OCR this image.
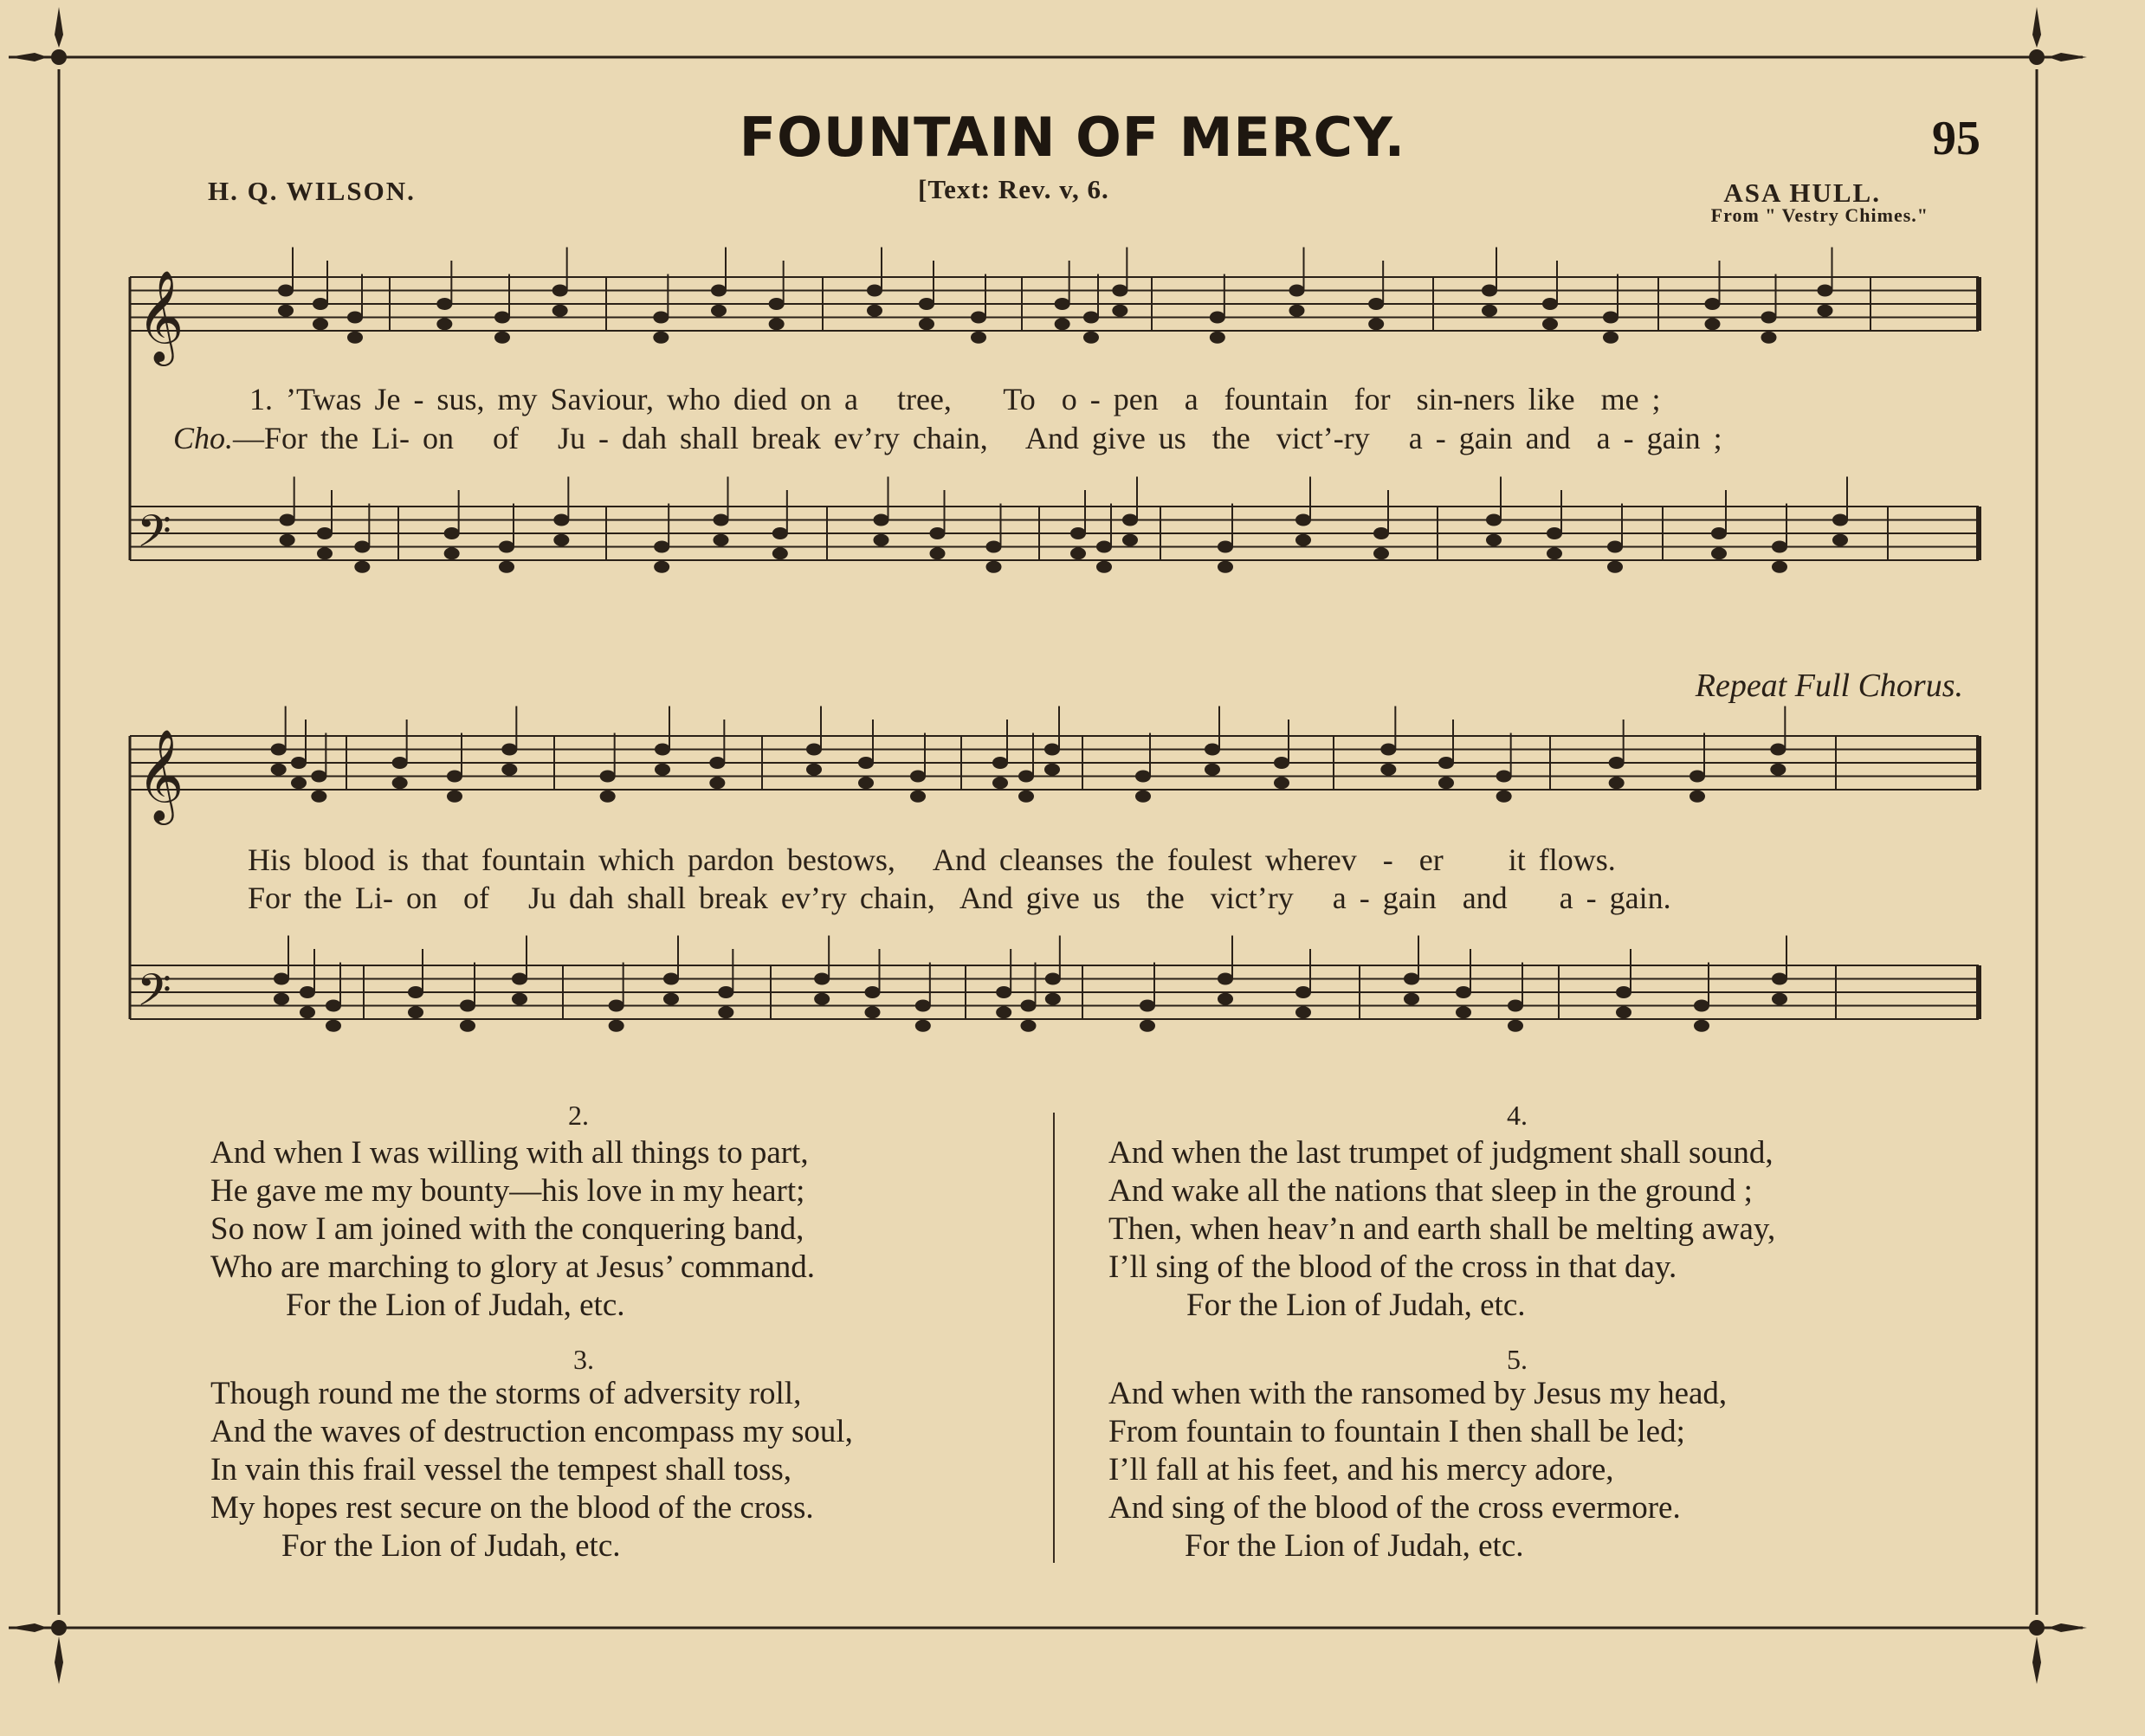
FOUNTAIN OF MERCY.	95
H. Q. WILSON.	[Text: Rev. v, 6.	ASA HULL.
From " Vestry Chimes."
𝄞
𝄢
𝄞
𝄢
1. ’Twas Je - sus, my Saviour, who died on a   tree,    To  o - pen  a  fountain  for  sin-ners like  me ;
Cho.—For the Li- on   of   Ju - dah shall break ev’ry chain,   And give us  the  vict’-ry   a - gain and  a - gain ;
Repeat Full Chorus.
His blood is that fountain which pardon bestows,   And cleanses the foulest wherev  -  er     it flows.
For the Li- on  of   Ju dah shall break ev’ry chain,  And give us  the  vict’ry   a - gain  and    a - gain.
2.
And when I was willing with all things to part,
He gave me my bounty—his love in my heart;
So now I am joined with the conquering band,
Who are marching to glory at Jesus’ command.
For the Lion of Judah, etc.
3.
Though round me the storms of adversity roll,
And the waves of destruction encompass my soul,
In vain this frail vessel the tempest shall toss,
My hopes rest secure on the blood of the cross.
For the Lion of Judah, etc.
4.
And when the last trumpet of judgment shall sound,
And wake all the nations that sleep in the ground ;
Then, when heav’n and earth shall be melting away,
I’ll sing of the blood of the cross in that day.
For the Lion of Judah, etc.
5.
And when with the ransomed by Jesus my head,
From fountain to fountain I then shall be led;
I’ll fall at his feet, and his mercy adore,
And sing of the blood of the cross evermore.
For the Lion of Judah, etc.
